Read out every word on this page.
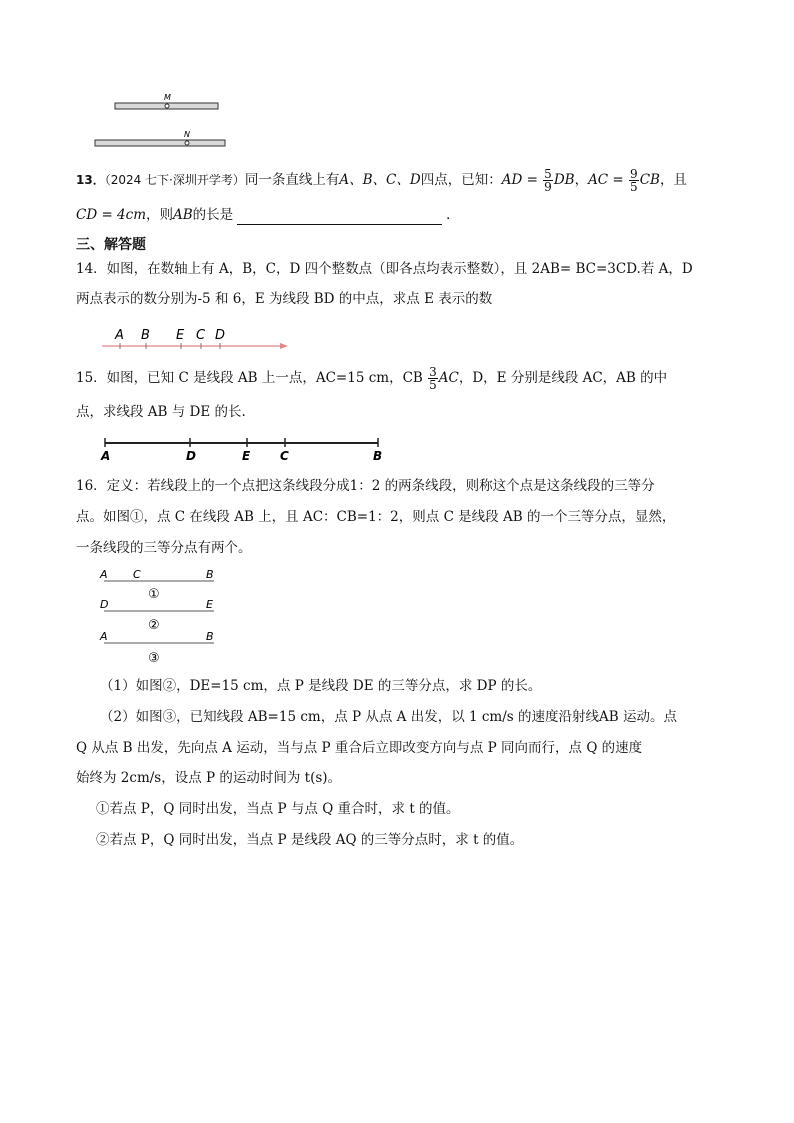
M
N
13．（2024 七下·深圳开学考）同一条直线上有A、B、C、D四点，已知：AD = $\frac{5}{9}$ DB，AC = $\frac{9}{5}$ CB，且
CD = 4cm，则AB的长是	．
三、解答题
14．如图，在数轴上有 A，B，C，D 四个整数点（即各点均表示整数），且 2AB= BC=3CD.若 A，D
两点表示的数分别为-5 和 6，E 为线段 BD 的中点，求点 E 表示的数
A B E C D
15．如图，已知 C 是线段 AB 上一点，AC=15 cm，CB $\frac{3}{5}$ AC，D，E 分别是线段 AC，AB 的中
点，求线段 AB 与 DE 的长.
A	D	E C	B
16．定义：若线段上的一个点把这条线段分成1：2 的两条线段，则称这个点是这条线段的三等分
点。如图①，点 C 在线段 AB 上，且 AC：CB=1：2，则点 C 是线段 AB 的一个三等分点，显然，
一条线段的三等分点有两个。
A C	B
①
D	E
②
A	B
③
（1）如图②，DE=15 cm，点 P 是线段 DE 的三等分点，求 DP 的长。
（2）如图③，已知线段 AB=15 cm，点 P 从点 A 出发，以 1 cm/s 的速度沿射线AB 运动。点
Q 从点 B 出发，先向点 A 运动，当与点 P 重合后立即改变方向与点 P 同向而行，点 Q 的速度
始终为 2cm/s，设点 P 的运动时间为 t(s)。
①若点 P，Q 同时出发，当点 P 与点 Q 重合时，求 t 的值。
②若点 P，Q 同时出发，当点 P 是线段 AQ 的三等分点时，求 t 的值。
